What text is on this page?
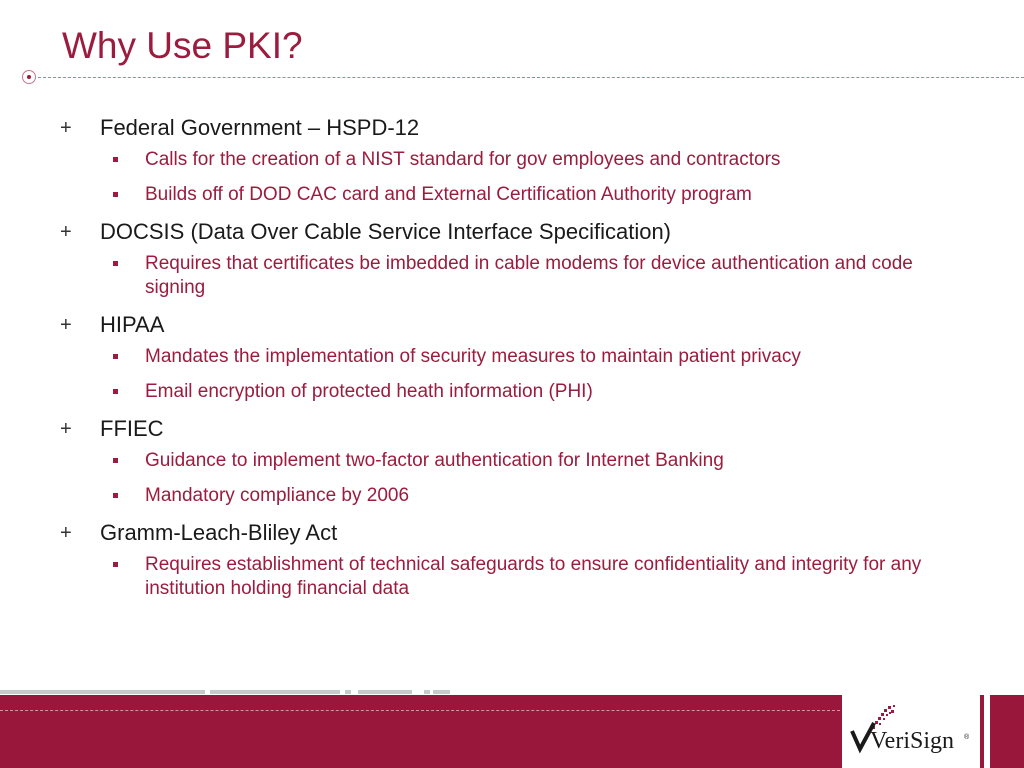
Why Use PKI?
+	Federal Government – HSPD-12
Calls for the creation of a NIST standard for gov employees and contractors
Builds off of DOD CAC card and External Certification Authority program
+	DOCSIS (Data Over Cable Service Interface Specification)
Requires that certificates be imbedded in cable modems for device authentication and code signing
+	HIPAA
Mandates the implementation of security measures to maintain patient privacy
Email encryption of protected heath information (PHI)
+	FFIEC
Guidance to implement two-factor authentication for Internet Banking
Mandatory compliance by 2006
+	Gramm-Leach-Bliley Act
Requires establishment of technical safeguards to ensure confidentiality and integrity for any institution holding financial data
VeriSign ®
